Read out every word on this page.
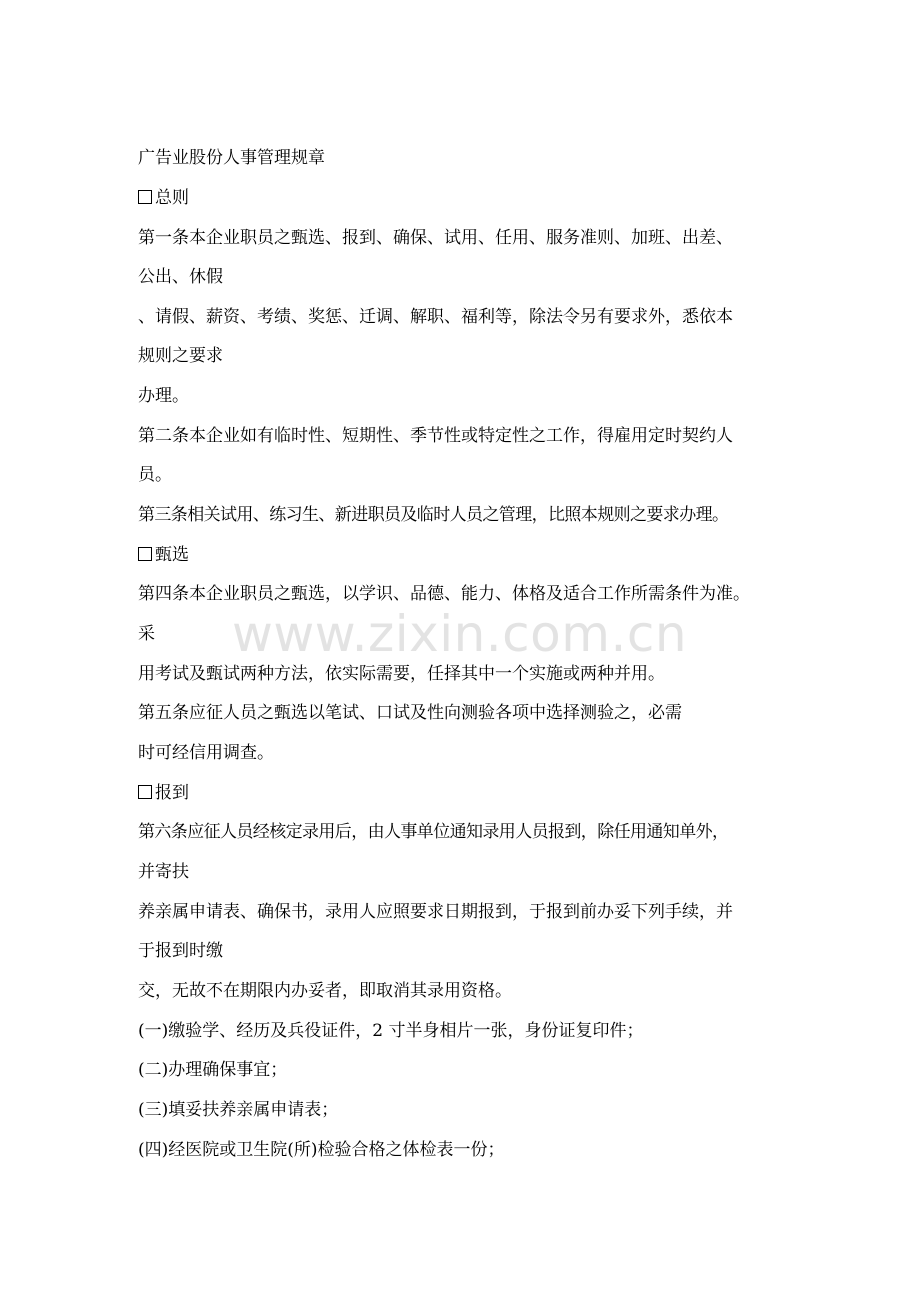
www.zixin.com.cn
广告业股份人事管理规章
总则
第一条本企业职员之甄选、报到、确保、试用、任用、服务准则、加班、出差、
公出、休假
、请假、薪资、考绩、奖惩、迁调、解职、福利等，除法令另有要求外，悉依本
规则之要求
办理。
第二条本企业如有临时性、短期性、季节性或特定性之工作，得雇用定时契约人
员。
第三条相关试用、练习生、新进职员及临时人员之管理，比照本规则之要求办理。
甄选
第四条本企业职员之甄选，以学识、品德、能力、体格及适合工作所需条件为准。
采
用考试及甄试两种方法，依实际需要，任择其中一个实施或两种并用。
第五条应征人员之甄选以笔试、口试及性向测验各项中选择测验之，必需
时可经信用调查。
报到
第六条应征人员经核定录用后，由人事单位通知录用人员报到，除任用通知单外，
并寄扶
养亲属申请表、确保书，录用人应照要求日期报到，于报到前办妥下列手续，并
于报到时缴
交，无故不在期限内办妥者，即取消其录用资格。
(一)缴验学、经历及兵役证件，2 寸半身相片一张，身份证复印件；
(二)办理确保事宜；
(三)填妥扶养亲属申请表；
(四)经医院或卫生院(所)检验合格之体检表一份；
